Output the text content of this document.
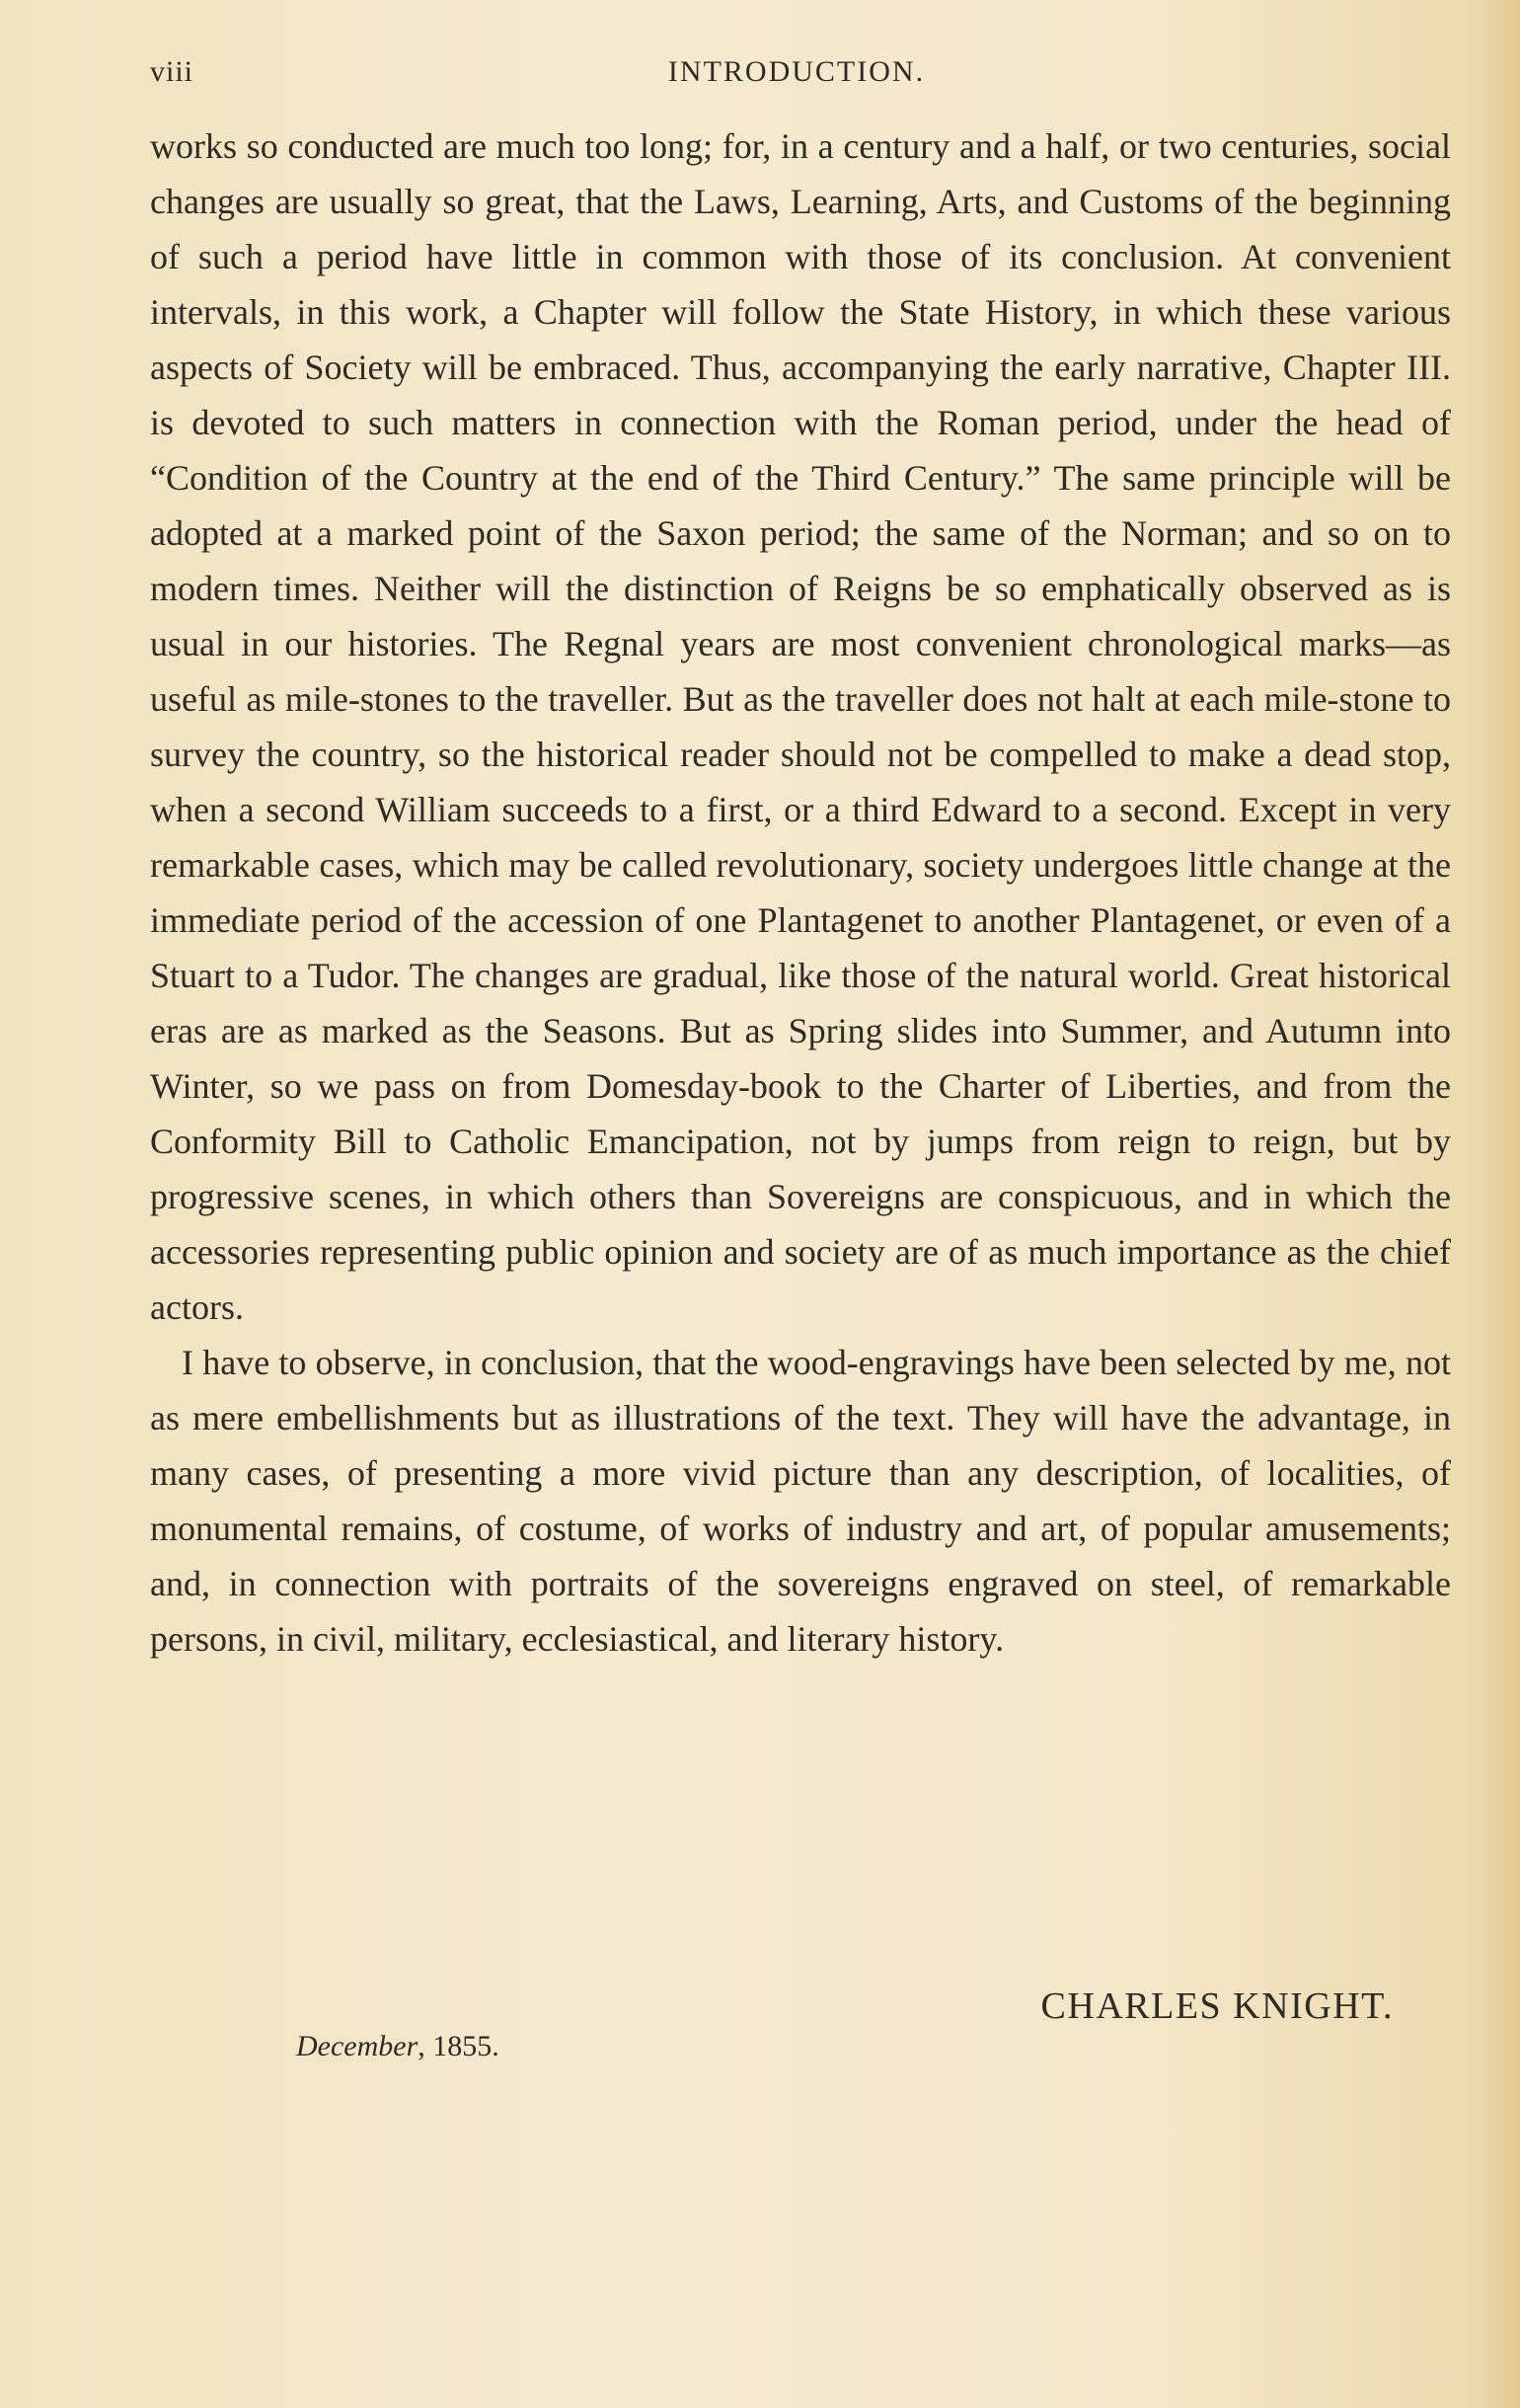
viii	INTRODUCTION.

works so conducted are much too long; for, in a century and a half, or two centuries, social changes are usually so great, that the Laws, Learning, Arts, and Customs of the beginning of such a period have little in common with those of its conclusion. At convenient intervals, in this work, a Chapter will follow the State History, in which these various aspects of Society will be embraced. Thus, accompanying the early narrative, Chapter III. is devoted to such matters in connection with the Roman period, under the head of “Condition of the Country at the end of the Third Century.” The same principle will be adopted at a marked point of the Saxon period; the same of the Norman; and so on to modern times. Neither will the distinction of Reigns be so emphatically observed as is usual in our histories. The Regnal years are most convenient chronological marks—as useful as mile-stones to the traveller. But as the traveller does not halt at each mile-stone to survey the country, so the historical reader should not be compelled to make a dead stop, when a second William succeeds to a first, or a third Edward to a second. Except in very remarkable cases, which may be called revolutionary, society undergoes little change at the immediate period of the accession of one Plantagenet to another Plantagenet, or even of a Stuart to a Tudor. The changes are gradual, like those of the natural world. Great historical eras are as marked as the Seasons. But as Spring slides into Summer, and Autumn into Winter, so we pass on from Domesday-book to the Charter of Liberties, and from the Conformity Bill to Catholic Emancipation, not by jumps from reign to reign, but by progressive scenes, in which others than Sovereigns are conspicuous, and in which the accessories representing public opinion and society are of as much importance as the chief actors.

I have to observe, in conclusion, that the wood-engravings have been selected by me, not as mere embellishments but as illustrations of the text. They will have the advantage, in many cases, of presenting a more vivid picture than any description, of localities, of monumental remains, of costume, of works of industry and art, of popular amusements; and, in connection with portraits of the sovereigns engraved on steel, of remarkable persons, in civil, military, ecclesiastical, and literary history.

CHARLES KNIGHT.
December, 1855.
